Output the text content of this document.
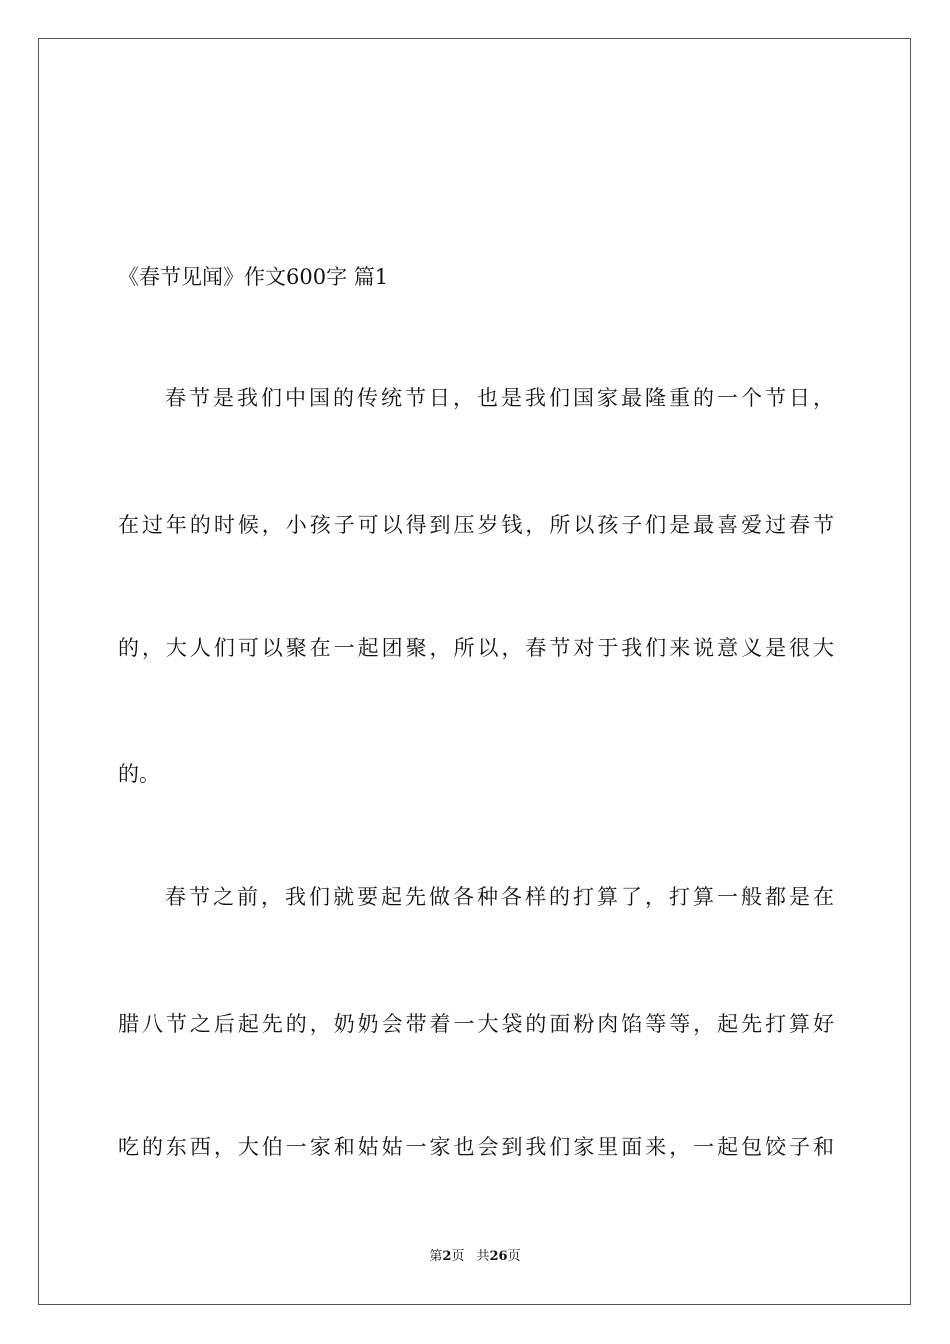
《春节见闻》作文600字 篇1
春节是我们中国的传统节日，也是我们国家最隆重的一个节日，
在过年的时候，小孩子可以得到压岁钱，所以孩子们是最喜爱过春节
的，大人们可以聚在一起团聚，所以，春节对于我们来说意义是很大
的。
春节之前，我们就要起先做各种各样的打算了，打算一般都是在
腊八节之后起先的，奶奶会带着一大袋的面粉肉馅等等，起先打算好
吃的东西，大伯一家和姑姑一家也会到我们家里面来，一起包饺子和
第2页 共26页
